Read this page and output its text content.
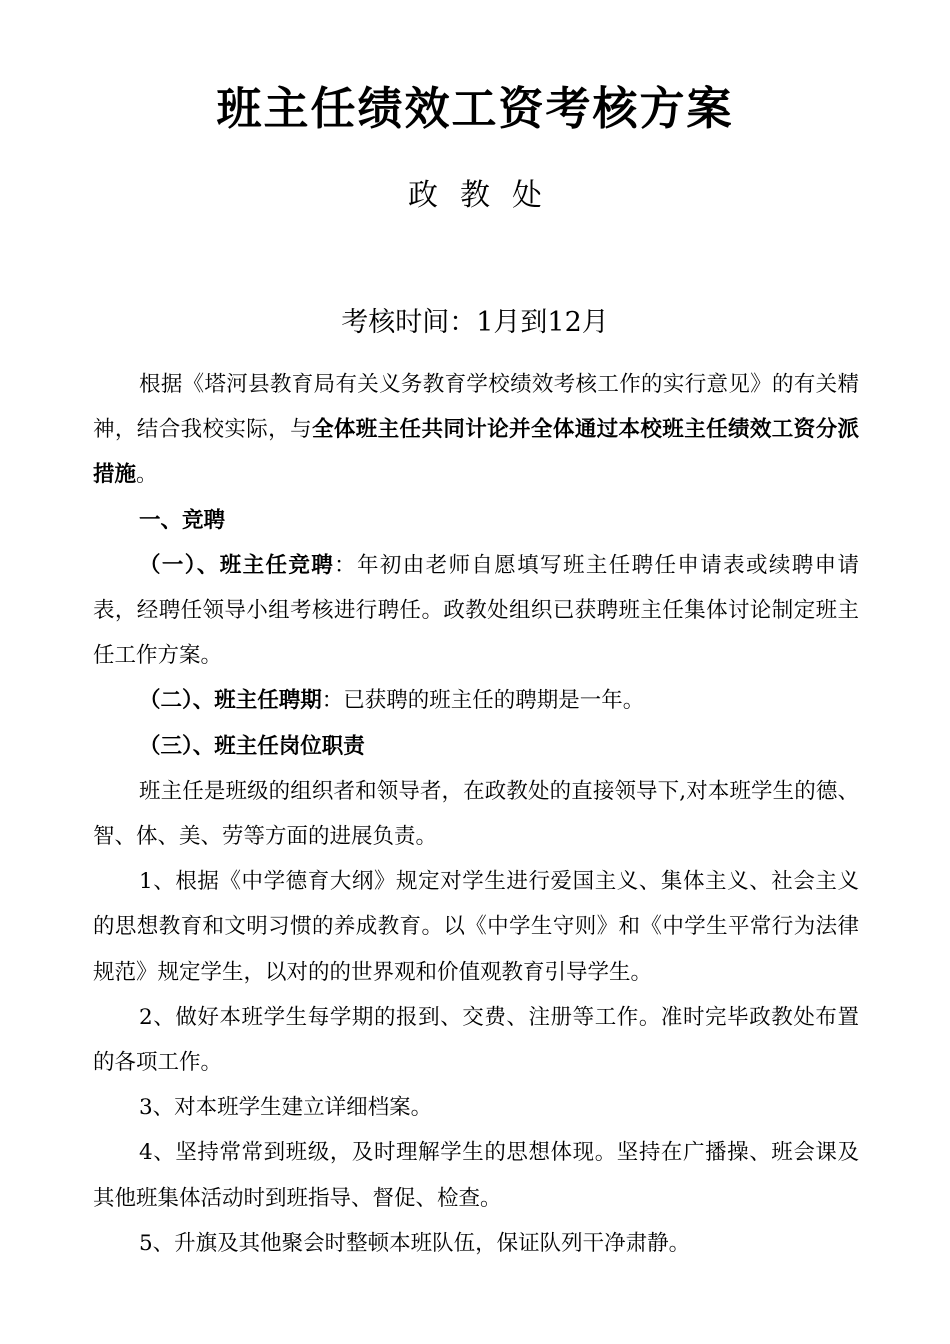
班主任绩效工资考核方案
政教处
考核时间：1月到12月

根据《塔河县教育局有关义务教育学校绩效考核工作的实行意见》的有关精神，结合我校实际，与全体班主任共同计论并全体通过本校班主任绩效工资分派措施。

一、竞聘

（一）、班主任竞聘：年初由老师自愿填写班主任聘任申请表或续聘申请表，经聘任领导小组考核进行聘任。政教处组织已获聘班主任集体讨论制定班主任工作方案。

（二）、班主任聘期：已获聘的班主任的聘期是一年。

（三）、班主任岗位职责

班主任是班级的组织者和领导者，在政教处的直接领导下,对本班学生的德、智、体、美、劳等方面的进展负责。

1、根据《中学德育大纲》规定对学生进行爱国主义、集体主义、社会主义的思想教育和文明习惯的养成教育。以《中学生守则》和《中学生平常行为法律规范》规定学生，以对的的世界观和价值观教育引导学生。

2、做好本班学生每学期的报到、交费、注册等工作。准时完毕政教处布置的各项工作。

3、对本班学生建立详细档案。

4、坚持常常到班级，及时理解学生的思想体现。坚持在广播操、班会课及其他班集体活动时到班指导、督促、检查。

5、升旗及其他聚会时整顿本班队伍，保证队列干净肃静。
